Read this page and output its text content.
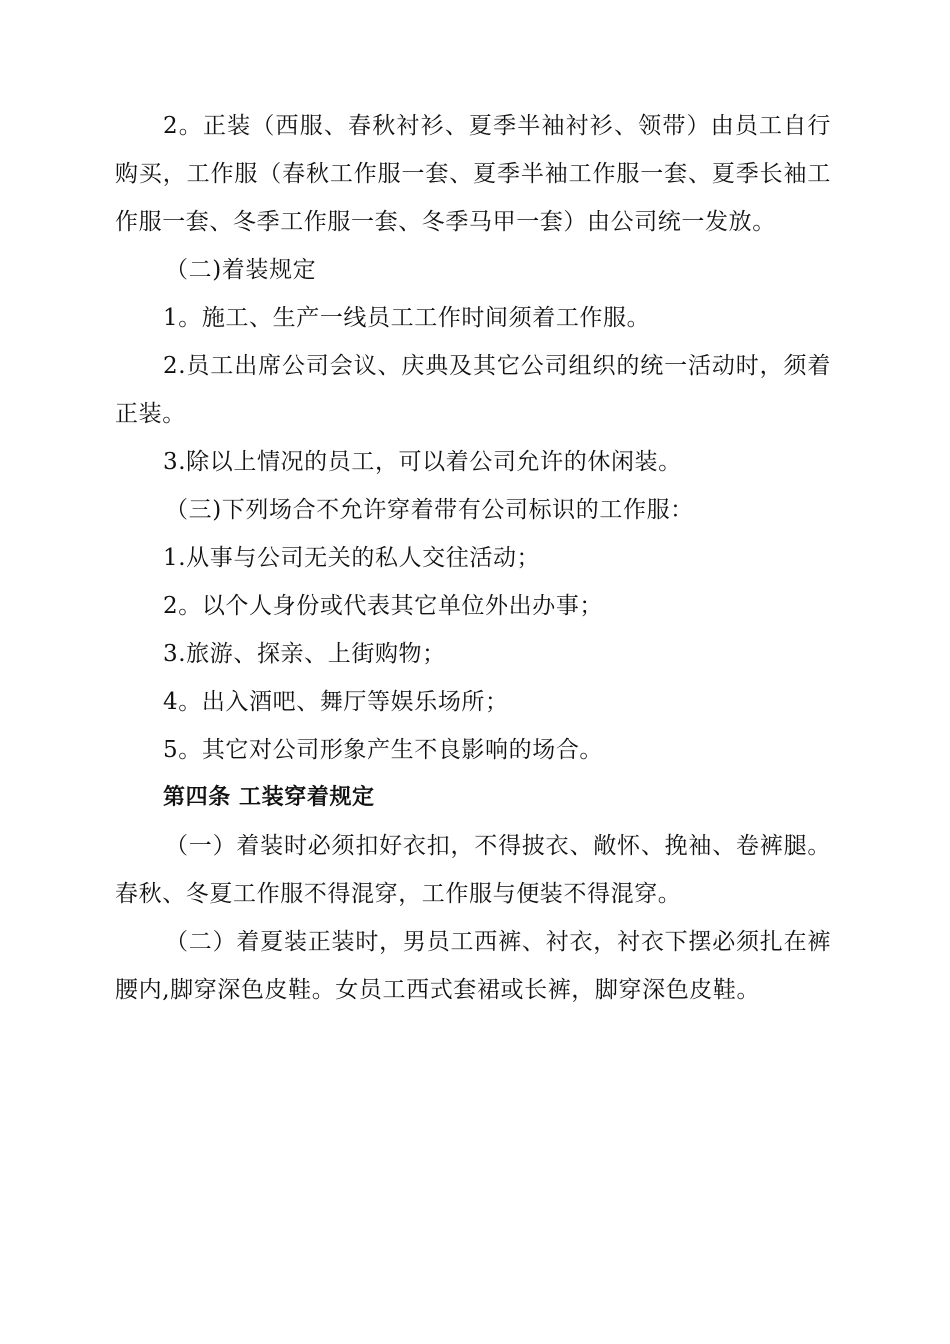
2。正装（西服、春秋衬衫、夏季半袖衬衫、领带）由员工自行购买，工作服（春秋工作服一套、夏季半袖工作服一套、夏季长袖工作服一套、冬季工作服一套、冬季马甲一套）由公司统一发放。

（二)着装规定

1。施工、生产一线员工工作时间须着工作服。

2.员工出席公司会议、庆典及其它公司组织的统一活动时，须着正装。

3.除以上情况的员工，可以着公司允许的休闲装。

（三)下列场合不允许穿着带有公司标识的工作服：

1.从事与公司无关的私人交往活动；

2。以个人身份或代表其它单位外出办事；

3.旅游、探亲、上街购物；

4。出入酒吧、舞厅等娱乐场所；

5。其它对公司形象产生不良影响的场合。

第四条 工装穿着规定

（一）着装时必须扣好衣扣，不得披衣、敞怀、挽袖、卷裤腿。春秋、冬夏工作服不得混穿，工作服与便装不得混穿。

（二）着夏装正装时，男员工西裤、衬衣，衬衣下摆必须扎在裤腰内,脚穿深色皮鞋。女员工西式套裙或长裤，脚穿深色皮鞋。
